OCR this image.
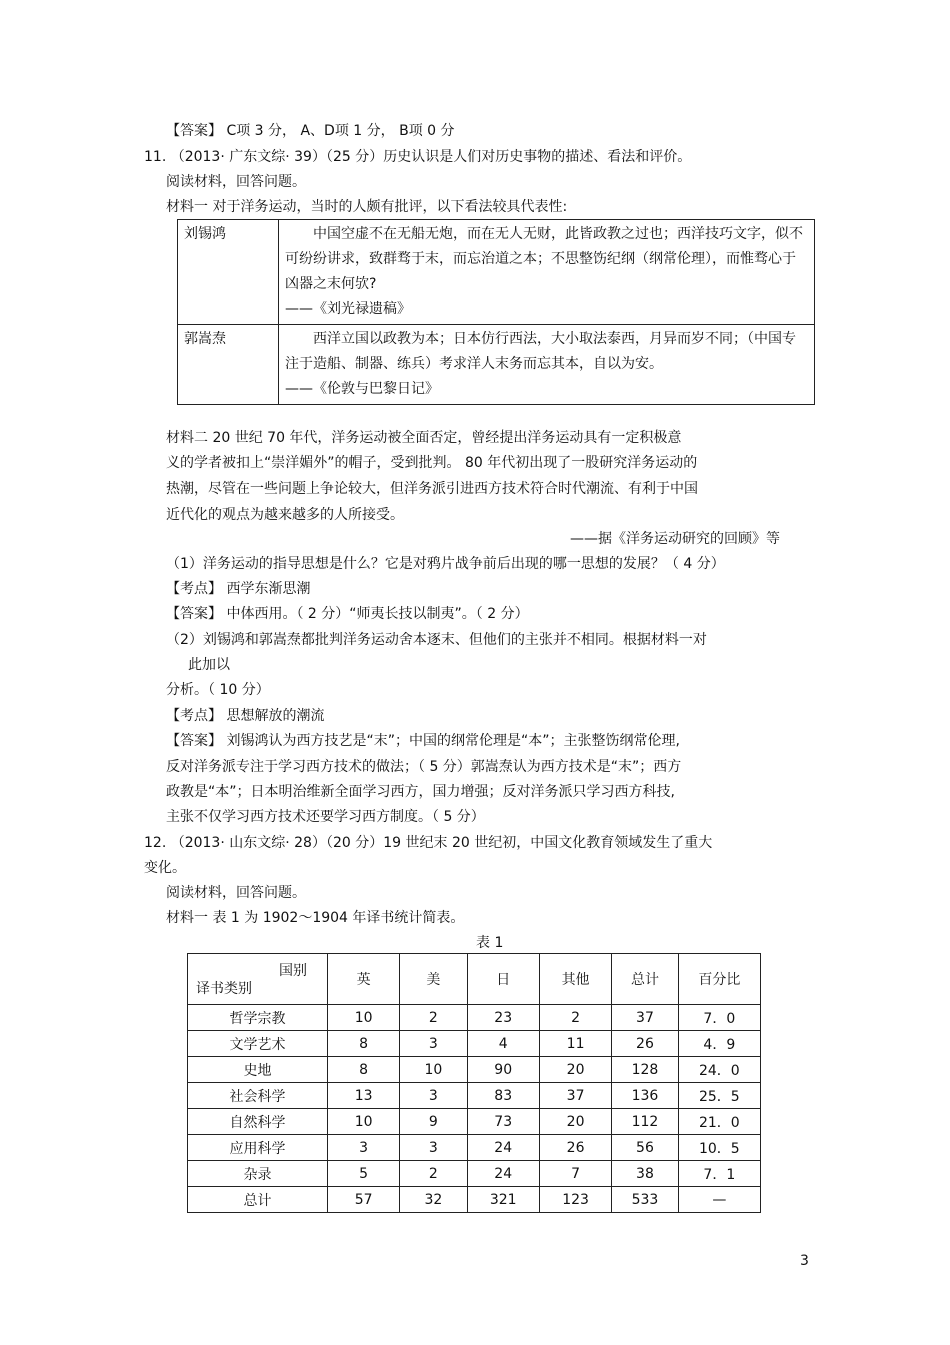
【答案】 C项 3 分， A、D项 1 分， B项 0 分
11. （2013· 广东文综· 39）（25 分）历史认识是人们对历史事物的描述、看法和评价。
阅读材料，回答问题。
材料一 对于洋务运动，当时的人颇有批评，以下看法较具代表性:
刘锡鸿	中国空虚不在无船无炮，而在无人无财，此皆政教之过也；西洋技巧文字，似不可纷纷讲求，致群骛于末，而忘治道之本；不思整饬纪纲（纲常伦理），而惟骛心于凶器之末何欤?
——《刘光禄遗稿》
郭嵩焘	西洋立国以政教为本；日本仿行西法，大小取法泰西，月异而岁不同；（中国专注于造船、制器、练兵）考求洋人末务而忘其本，自以为安。
——《伦敦与巴黎日记》
材料二 20 世纪 70 年代，洋务运动被全面否定，曾经提出洋务运动具有一定积极意
义的学者被扣上“崇洋媚外”的帽子，受到批判。 80 年代初出现了一股研究洋务运动的
热潮，尽管在一些问题上争论较大，但洋务派引进西方技术符合时代潮流、有利于中国
近代化的观点为越来越多的人所接受。
——据《洋务运动研究的回顾》等
（1）洋务运动的指导思想是什么？它是对鸦片战争前后出现的哪一思想的发展？（ 4 分）
【考点】 西学东渐思潮
【答案】 中体西用。（ 2 分）“师夷长技以制夷”。（ 2 分）
（2）刘锡鸿和郭嵩焘都批判洋务运动舍本逐末、但他们的主张并不相同。根据材料一对
此加以
分析。（ 10 分）
【考点】 思想解放的潮流
【答案】 刘锡鸿认为西方技艺是“末”；中国的纲常伦理是“本”；主张整饬纲常伦理,
反对洋务派专注于学习西方技术的做法；（ 5 分）郭嵩焘认为西方技术是“末”；西方
政教是“本”；日本明治维新全面学习西方，国力增强；反对洋务派只学习西方科技,
主张不仅学习西方技术还要学习西方制度。（ 5 分）
12. （2013· 山东文综· 28）（20 分）19 世纪末 20 世纪初，中国文化教育领域发生了重大
变化。
阅读材料，回答问题。
材料一 表 1 为 1902～1904 年译书统计简表。
表 1
国别
译书类别	英	美	日	其他	总计	百分比
哲学宗教	10	2	23	2	37	7．0
文学艺术	8	3	4	11	26	4．9
史地	8	10	90	20	128	24．0
社会科学	13	3	83	37	136	25．5
自然科学	10	9	73	20	112	21．0
应用科学	3	3	24	26	56	10．5
杂录	5	2	24	7	38	7．1
总计	57	32	321	123	533	—
3
